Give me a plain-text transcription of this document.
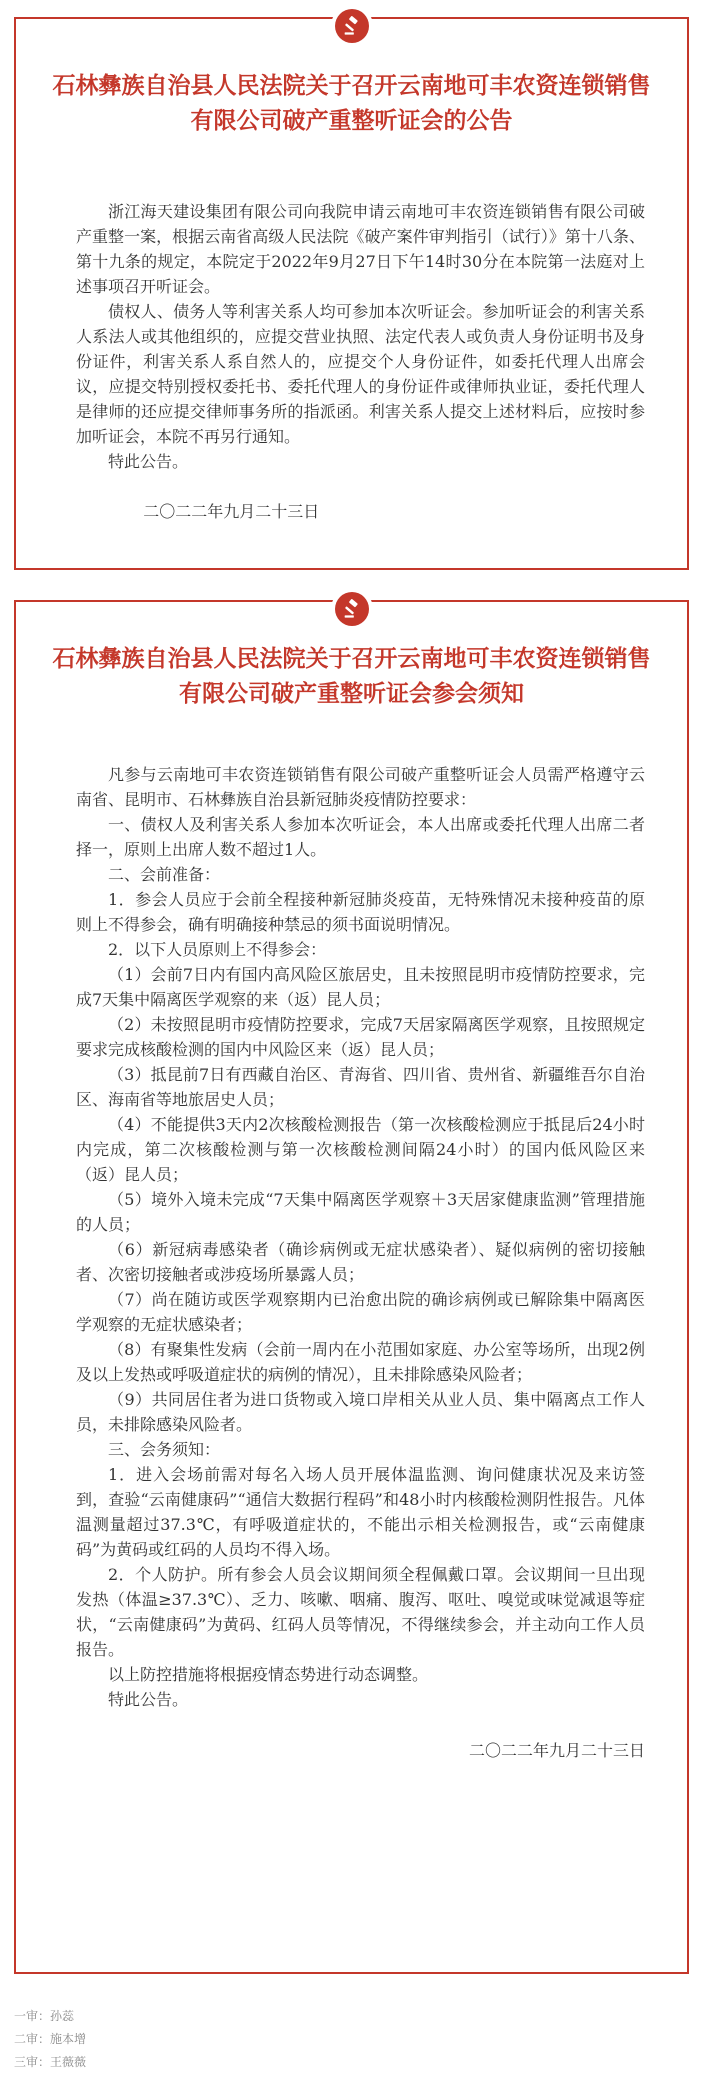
石林彝族自治县人民法院关于召开云南地可丰农资连锁销售有限公司破产重整听证会的公告

浙江海天建设集团有限公司向我院申请云南地可丰农资连锁销售有限公司破产重整一案，根据云南省高级人民法院《破产案件审判指引（试行）》第十八条、第十九条的规定，本院定于2022年9月27日下午14时30分在本院第一法庭对上述事项召开听证会。

债权人、债务人等利害关系人均可参加本次听证会。参加听证会的利害关系人系法人或其他组织的，应提交营业执照、法定代表人或负责人身份证明书及身份证件，利害关系人系自然人的，应提交个人身份证件，如委托代理人出席会议，应提交特别授权委托书、委托代理人的身份证件或律师执业证，委托代理人是律师的还应提交律师事务所的指派函。利害关系人提交上述材料后，应按时参加听证会，本院不再另行通知。

特此公告。

二〇二二年九月二十三日

石林彝族自治县人民法院关于召开云南地可丰农资连锁销售有限公司破产重整听证会参会须知

凡参与云南地可丰农资连锁销售有限公司破产重整听证会人员需严格遵守云南省、昆明市、石林彝族自治县新冠肺炎疫情防控要求：

一、债权人及利害关系人参加本次听证会，本人出席或委托代理人出席二者择一，原则上出席人数不超过1人。

二、会前准备：

1．参会人员应于会前全程接种新冠肺炎疫苗，无特殊情况未接种疫苗的原则上不得参会，确有明确接种禁忌的须书面说明情况。

2．以下人员原则上不得参会：

（1）会前7日内有国内高风险区旅居史，且未按照昆明市疫情防控要求，完成7天集中隔离医学观察的来（返）昆人员；

（2）未按照昆明市疫情防控要求，完成7天居家隔离医学观察，且按照规定要求完成核酸检测的国内中风险区来（返）昆人员；

（3）抵昆前7日有西藏自治区、青海省、四川省、贵州省、新疆维吾尔自治区、海南省等地旅居史人员；

（4）不能提供3天内2次核酸检测报告（第一次核酸检测应于抵昆后24小时内完成，第二次核酸检测与第一次核酸检测间隔24小时）的国内低风险区来（返）昆人员；

（5）境外入境未完成“7天集中隔离医学观察＋3天居家健康监测”管理措施的人员；

（6）新冠病毒感染者（确诊病例或无症状感染者）、疑似病例的密切接触者、次密切接触者或涉疫场所暴露人员；

（7）尚在随访或医学观察期内已治愈出院的确诊病例或已解除集中隔离医学观察的无症状感染者；

（8）有聚集性发病（会前一周内在小范围如家庭、办公室等场所，出现2例及以上发热或呼吸道症状的病例的情况），且未排除感染风险者；

（9）共同居住者为进口货物或入境口岸相关从业人员、集中隔离点工作人员，未排除感染风险者。

三、会务须知：

1．进入会场前需对每名入场人员开展体温监测、询问健康状况及来访签到，查验“云南健康码”“通信大数据行程码”和48小时内核酸检测阴性报告。凡体温测量超过37.3℃，有呼吸道症状的，不能出示相关检测报告，或“云南健康码”为黄码或红码的人员均不得入场。

2．个人防护。所有参会人员会议期间须全程佩戴口罩。会议期间一旦出现发热（体温≥37.3℃）、乏力、咳嗽、咽痛、腹泻、呕吐、嗅觉或味觉减退等症状，“云南健康码”为黄码、红码人员等情况，不得继续参会，并主动向工作人员报告。

以上防控措施将根据疫情态势进行动态调整。

特此公告。

二〇二二年九月二十三日

一审：孙蕊
二审：施本增
三审：王薇薇
